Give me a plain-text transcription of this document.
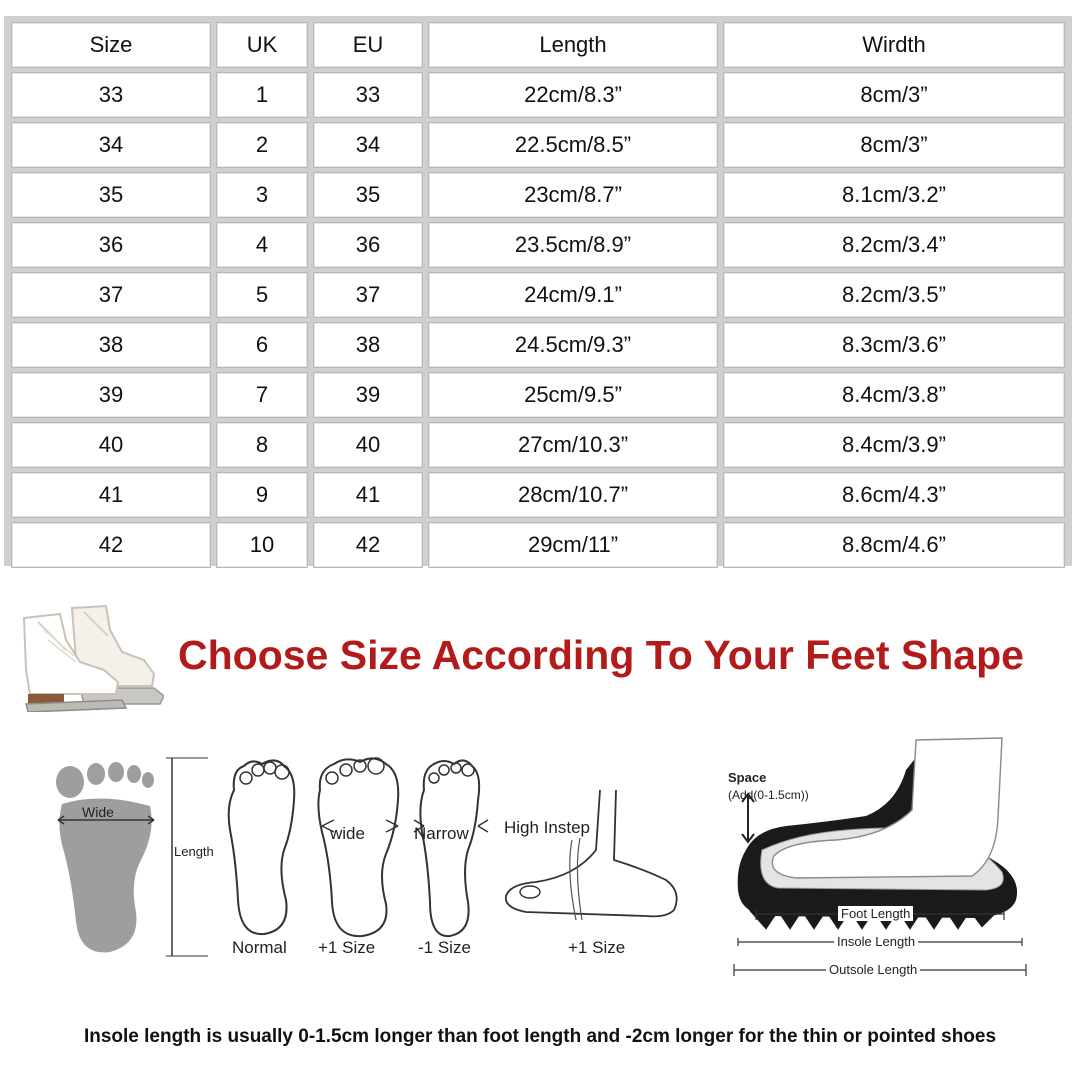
Size	UK	EU	Length	Wirdth
33	1	33	22cm/8.3”	8cm/3”
34	2	34	22.5cm/8.5”	8cm/3”
35	3	35	23cm/8.7”	8.1cm/3.2”
36	4	36	23.5cm/8.9”	8.2cm/3.4”
37	5	37	24cm/9.1”	8.2cm/3.5”
38	6	38	24.5cm/9.3”	8.3cm/3.6”
39	7	39	25cm/9.5”	8.4cm/3.8”
40	8	40	27cm/10.3”	8.4cm/3.9”
41	9	41	28cm/10.7”	8.6cm/4.3”
42	10	42	29cm/11”	8.8cm/4.6”
Choose Size According To Your Feet Shape
Wide
Length
Normal
wide
+1 Size
Narrow
-1 Size
High Instep
+1 Size
Space
(Add(0-1.5cm))
Foot Length
Insole Length
Outsole Length
Insole length is usually 0-1.5cm longer than foot length and -2cm longer for the thin or pointed shoes
